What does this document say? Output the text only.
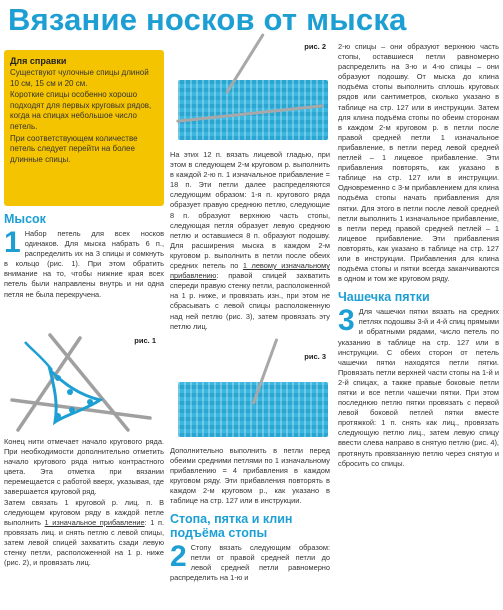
Вязание носков от мыска
Для справки

Существуют чулочные спицы длиной 10 см, 15 см и 20 см.

Короткие спицы особенно хорошо подходят для первых круговых рядов, когда на спицах небольшое число петель.

При соответствующем количестве петель следует перейти на более длинные спицы.

Мысок

1 Набор петель для всех носков одинаков. Для мыска набрать 6 п., распределить их на 3 спицы и сомкнуть в кольцо (рис. 1). При этом обратить внимание на то, чтобы нижние края всех петель были направлены внутрь и ни одна петля не была перекручена.

рис. 1

Конец нити отмечает начало кругового ряда. При необходимости дополнительно отметить начало кругового ряда нитью контрастного цвета. Эта отметка при вязании перемещается с работой вверх, указывая, где завершается круговой ряд.

Затем связать 1 круговой р. лиц. п. В следующем круговом ряду в каждой петле выполнить 1 изначальное прибавление: 1 п. провязать лиц. и снять петлю с левой спицы, затем левой спицей захватить сзади левую стенку петли, расположенной на 1 р. ниже (рис. 2), и провязать лиц.

рис. 2

На этих 12 п. вязать лицевой гладью, при этом в следующем 2-м круговом р. выполнить в каждой 2-ю п. 1 изначальное прибавление = 18 п. Эти петли далее распределяются следующим образом: 1-я п. кругового ряда образует правую среднюю петлю, следующие 8 п. образуют верхнюю часть стопы, следующая петля образует левую среднюю петлю и оставшиеся 8 п. образуют подошву. Для расширения мыска в каждом 2-м круговом р. выполнить в петли после обеих средних петель по 1 левому изначальному прибавлению: правой спицей захватить спереди правую стенку петли, расположенной на 1 р. ниже, и провязать изн., при этом не сбрасывать с левой спицы расположенную над ней петлю (рис. 3), затем провязать эту петлю лиц.

рис. 3

Дополнительно выполнить в петли перед обеими средними петлями по 1 изначальному прибавлению = 4 прибавления в каждом круговом ряду. Эти прибавления повторять в каждом 2-м круговом р., как указано в таблице на стр. 127 или в инструкции.

Стопа, пятка и клин подъёма стопы

2 Стопу вязать следующим образом: петли от правой средней петли до левой средней петли равномерно распределить на 1-ю и

2-ю спицы – они образуют верхнюю часть стопы, оставшиеся петли равномерно распределить на 3-ю и 4-ю спицы – они образуют подошву. От мыска до клина подъёма стопы выполнить сплошь круговых рядов или сантиметров, сколько указано в таблице на стр. 127 или в инструкции. Затем для клина подъёма стопы по обеим сторонам в каждом 2-м круговом р. в петли после правой средней петли 1 изначальное прибавление, в петли перед левой средней петлей – 1 лицевое прибавление. Эти прибавления повторять, как указано в таблице на стр. 127 или в инструкции. Одновременно с 3-м прибавлением для клина подъёма стопы начать прибавления для пятки. Для этого в петли после левой средней петли выполнить 1 изначальное прибавление, в петли перед правой средней петлей – 1 лицевое прибавление. Эти прибавления повторять, как указано в таблице на стр. 127 или в инструкции. Прибавления для клина подъёма стопы и пятки всегда заканчиваются в одном и том же круговом ряду.

Чашечка пятки

3 Для чашечки пятки вязать на средних петлях подошвы 3-й и 4-й спиц прямыми и обратными рядами, число петель по указанию в таблице на стр. 127 или в инструкции. С обеих сторон от петель чашечки пятки находятся петли пятки. Провязать петли верхней части стопы на 1-й и 2-й спицах, а также правые боковые петли пятки и все петли чашечки пятки. При этом последнюю петлю пятки провязать с первой левой боковой петлей пятки вместе протяжкой: 1 п. снять как лиц., провязать следующую петлю лиц., затем левую спицу ввести слева направо в снятую петлю (рис. 4), протянуть провязанную петлю через снятую и сбросить со спицы.
